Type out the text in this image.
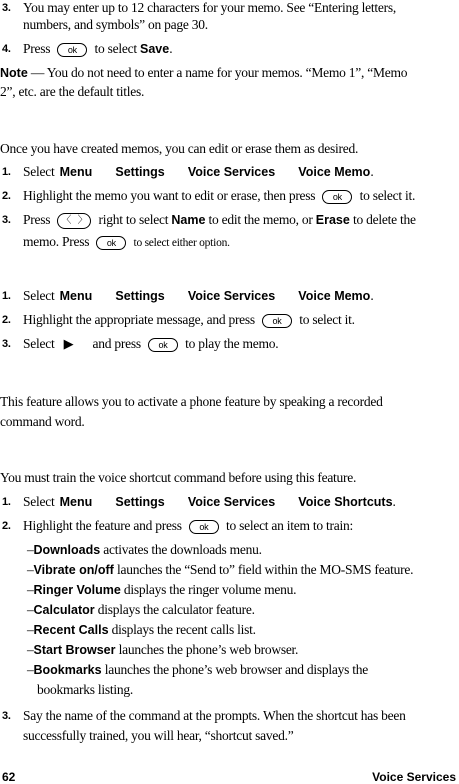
3. You may enter up to 12 characters for your memo. See “Entering letters,
numbers, and symbols” on page 30.
4. Press ok to select Save.
Note — You do not need to enter a name for your memos. “Memo 1”, “Memo
2”, etc. are the default titles.
Once you have created memos, you can edit or erase them as desired.
1. Select Menu Settings Voice Services Voice Memo.
2. Highlight the memo you want to edit or erase, then press ok to select it.
3. Press 〈 〉 right to select Name to edit the memo, or Erase to delete the
memo. Press ok to select either option.
1. Select Menu Settings Voice Services Voice Memo.
2. Highlight the appropriate message, and press ok to select it.
3. Select ▶ and press ok to play the memo.
This feature allows you to activate a phone feature by speaking a recorded
command word.
You must train the voice shortcut command before using this feature.
1. Select Menu Settings Voice Services Voice Shortcuts.
2. Highlight the feature and press ok to select an item to train:
–Downloads activates the downloads menu.
–Vibrate on/off launches the “Send to” field within the MO-SMS feature.
–Ringer Volume displays the ringer volume menu.
–Calculator displays the calculator feature.
–Recent Calls displays the recent calls list.
–Start Browser launches the phone’s web browser.
–Bookmarks launches the phone’s web browser and displays the
bookmarks listing.
3. Say the name of the command at the prompts. When the shortcut has been
successfully trained, you will hear, “shortcut saved.”
62	Voice Services
